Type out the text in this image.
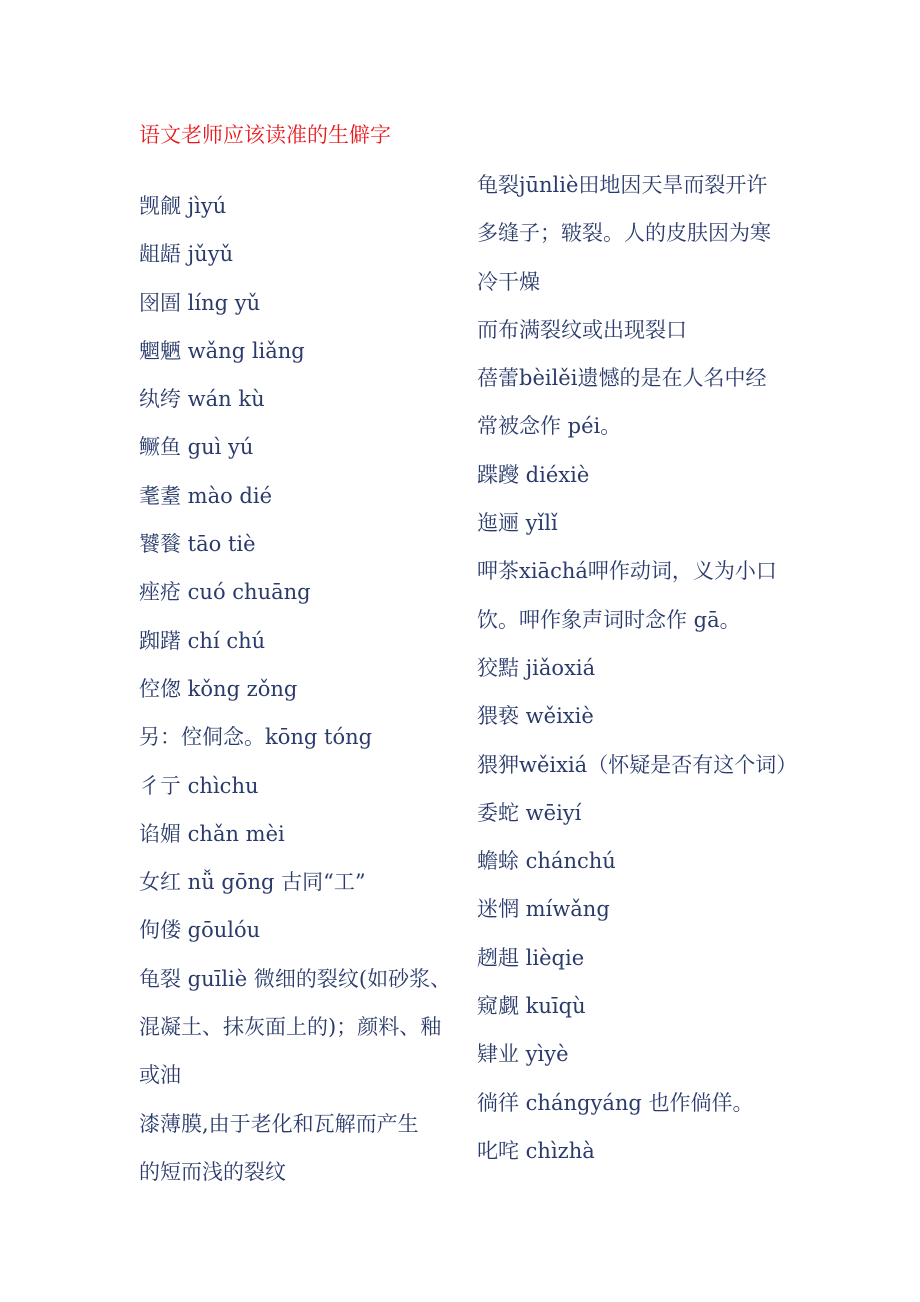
语文老师应该读准的生僻字
觊觎 jìyú
龃龉 jǔyǔ
囹圄 líng yǔ
魍魉 wǎng liǎng
纨绔 wán kù
鳜鱼 guì yú
耄耋 mào dié
饕餮 tāo tiè
痤疮 cuó chuāng
踟躇 chí chú
倥偬 kǒng zǒng
另：倥侗念。kōng tóng
彳亍 chìchu
谄媚 chǎn mèi
女红 nǚ gōng 古同“工”
佝偻 gōulóu
龟裂 guīliè 微细的裂纹(如砂浆、
混凝土、抹灰面上的)；颜料、釉
或油
漆薄膜,由于老化和瓦解而产生
的短而浅的裂纹
龟裂jūnliè田地因天旱而裂开许
多缝子；皲裂。人的皮肤因为寒
冷干燥
而布满裂纹或出现裂口
蓓蕾bèilěi遗憾的是在人名中经
常被念作 péi。
蹀躞 diéxiè
迤逦 yǐlǐ
呷茶xiāchá呷作动词，义为小口
饮。呷作象声词时念作 gā。
狡黠 jiǎoxiá
猥亵 wěixiè
猥狎wěixiá（怀疑是否有这个词）
委蛇 wēiyí
蟾蜍 chánchú
迷惘 míwǎng
趔趄 lièqie
窥觑 kuīqù
肄业 yìyè
徜徉 chángyáng 也作倘佯。
叱咤 chìzhà
